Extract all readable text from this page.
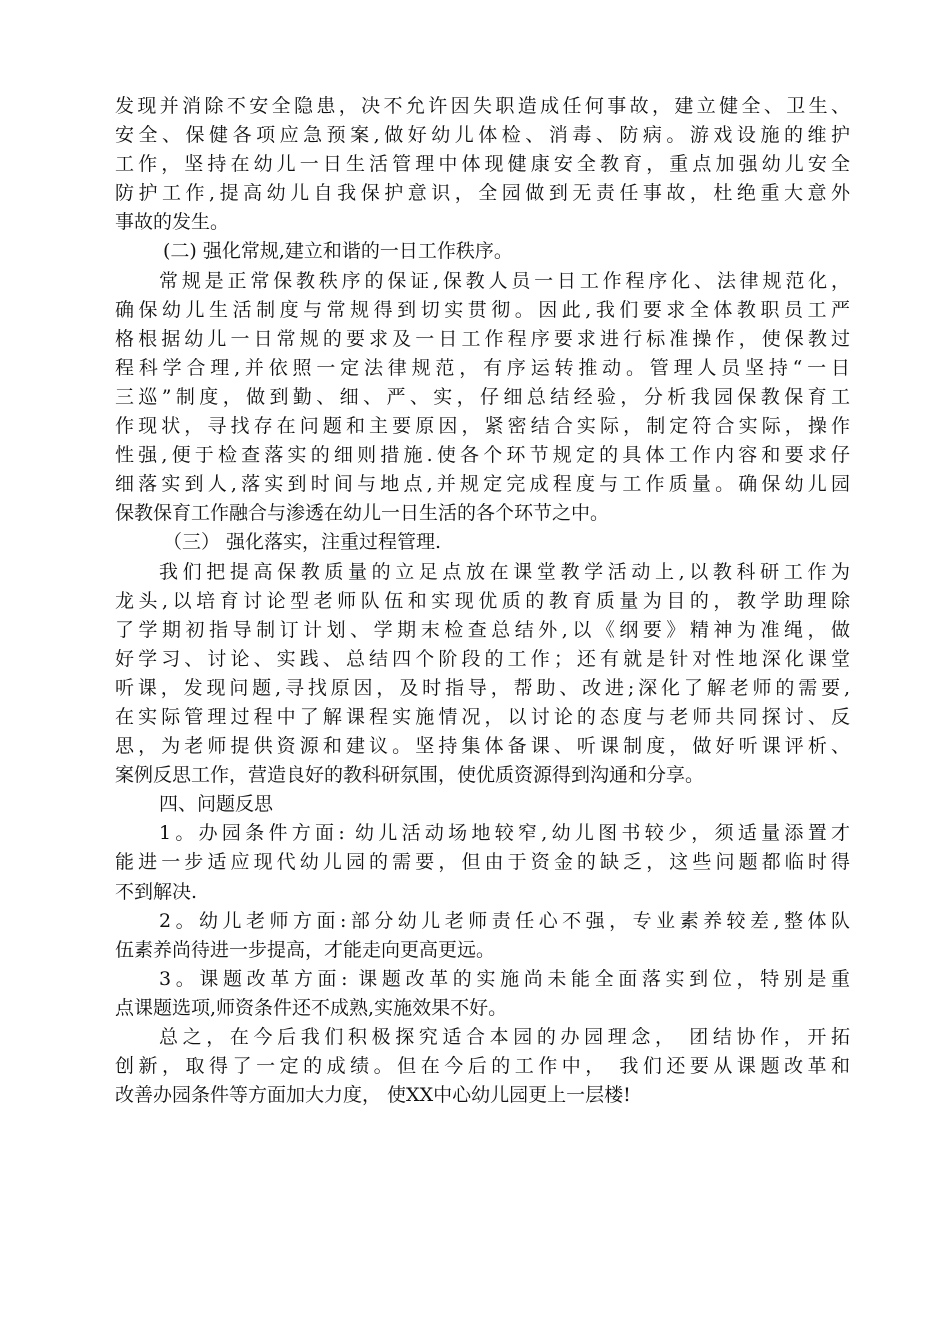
发现并消除不安全隐患，决不允许因失职造成任何事故，建立健全、卫生、
安全、保健各项应急预案,做好幼儿体检、消毒、防病。游戏设施的维护
工作，坚持在幼儿一日生活管理中体现健康安全教育，重点加强幼儿安全
防护工作,提高幼儿自我保护意识，全园做到无责任事故，杜绝重大意外
事故的发生。
(二) 强化常规,建立和谐的一日工作秩序。
常规是正常保教秩序的保证,保教人员一日工作程序化、法律规范化，
确保幼儿生活制度与常规得到切实贯彻。因此,我们要求全体教职员工严
格根据幼儿一日常规的要求及一日工作程序要求进行标准操作，使保教过
程科学合理,并依照一定法律规范，有序运转推动。管理人员坚持“一日
三巡”制度，做到勤、细、严、实，仔细总结经验，分析我园保教保育工
作现状，寻找存在问题和主要原因，紧密结合实际，制定符合实际，操作
性强,便于检查落实的细则措施.使各个环节规定的具体工作内容和要求仔
细落实到人,落实到时间与地点,并规定完成程度与工作质量。确保幼儿园
保教保育工作融合与渗透在幼儿一日生活的各个环节之中。
（三） 强化落实，注重过程管理.
我们把提高保教质量的立足点放在课堂教学活动上,以教科研工作为
龙头,以培育讨论型老师队伍和实现优质的教育质量为目的，教学助理除
了学期初指导制订计划、学期末检查总结外,以《纲要》精神为准绳，做
好学习、讨论、实践、总结四个阶段的工作；还有就是针对性地深化课堂
听课，发现问题,寻找原因，及时指导，帮助、改进;深化了解老师的需要,
在实际管理过程中了解课程实施情况，以讨论的态度与老师共同探讨、反
思，为老师提供资源和建议。坚持集体备课、听课制度，做好听课评析、
案例反思工作，营造良好的教科研氛围，使优质资源得到沟通和分享。
四、问题反思
1。办园条件方面: 幼儿活动场地较窄,幼儿图书较少，须适量添置才
能进一步适应现代幼儿园的需要，但由于资金的缺乏，这些问题都临时得
不到解决.
2。幼儿老师方面:部分幼儿老师责任心不强，专业素养较差,整体队
伍素养尚待进一步提高，才能走向更高更远。
3。课题改革方面: 课题改革的实施尚未能全面落实到位，特别是重
点课题选项,师资条件还不成熟,实施效果不好。
总之，在今后我们积极探究适合本园的办园理念， 团结协作，开拓
创新，取得了一定的成绩。但在今后的工作中， 我们还要从课题改革和
改善办园条件等方面加大力度， 使XX中心幼儿园更上一层楼!
